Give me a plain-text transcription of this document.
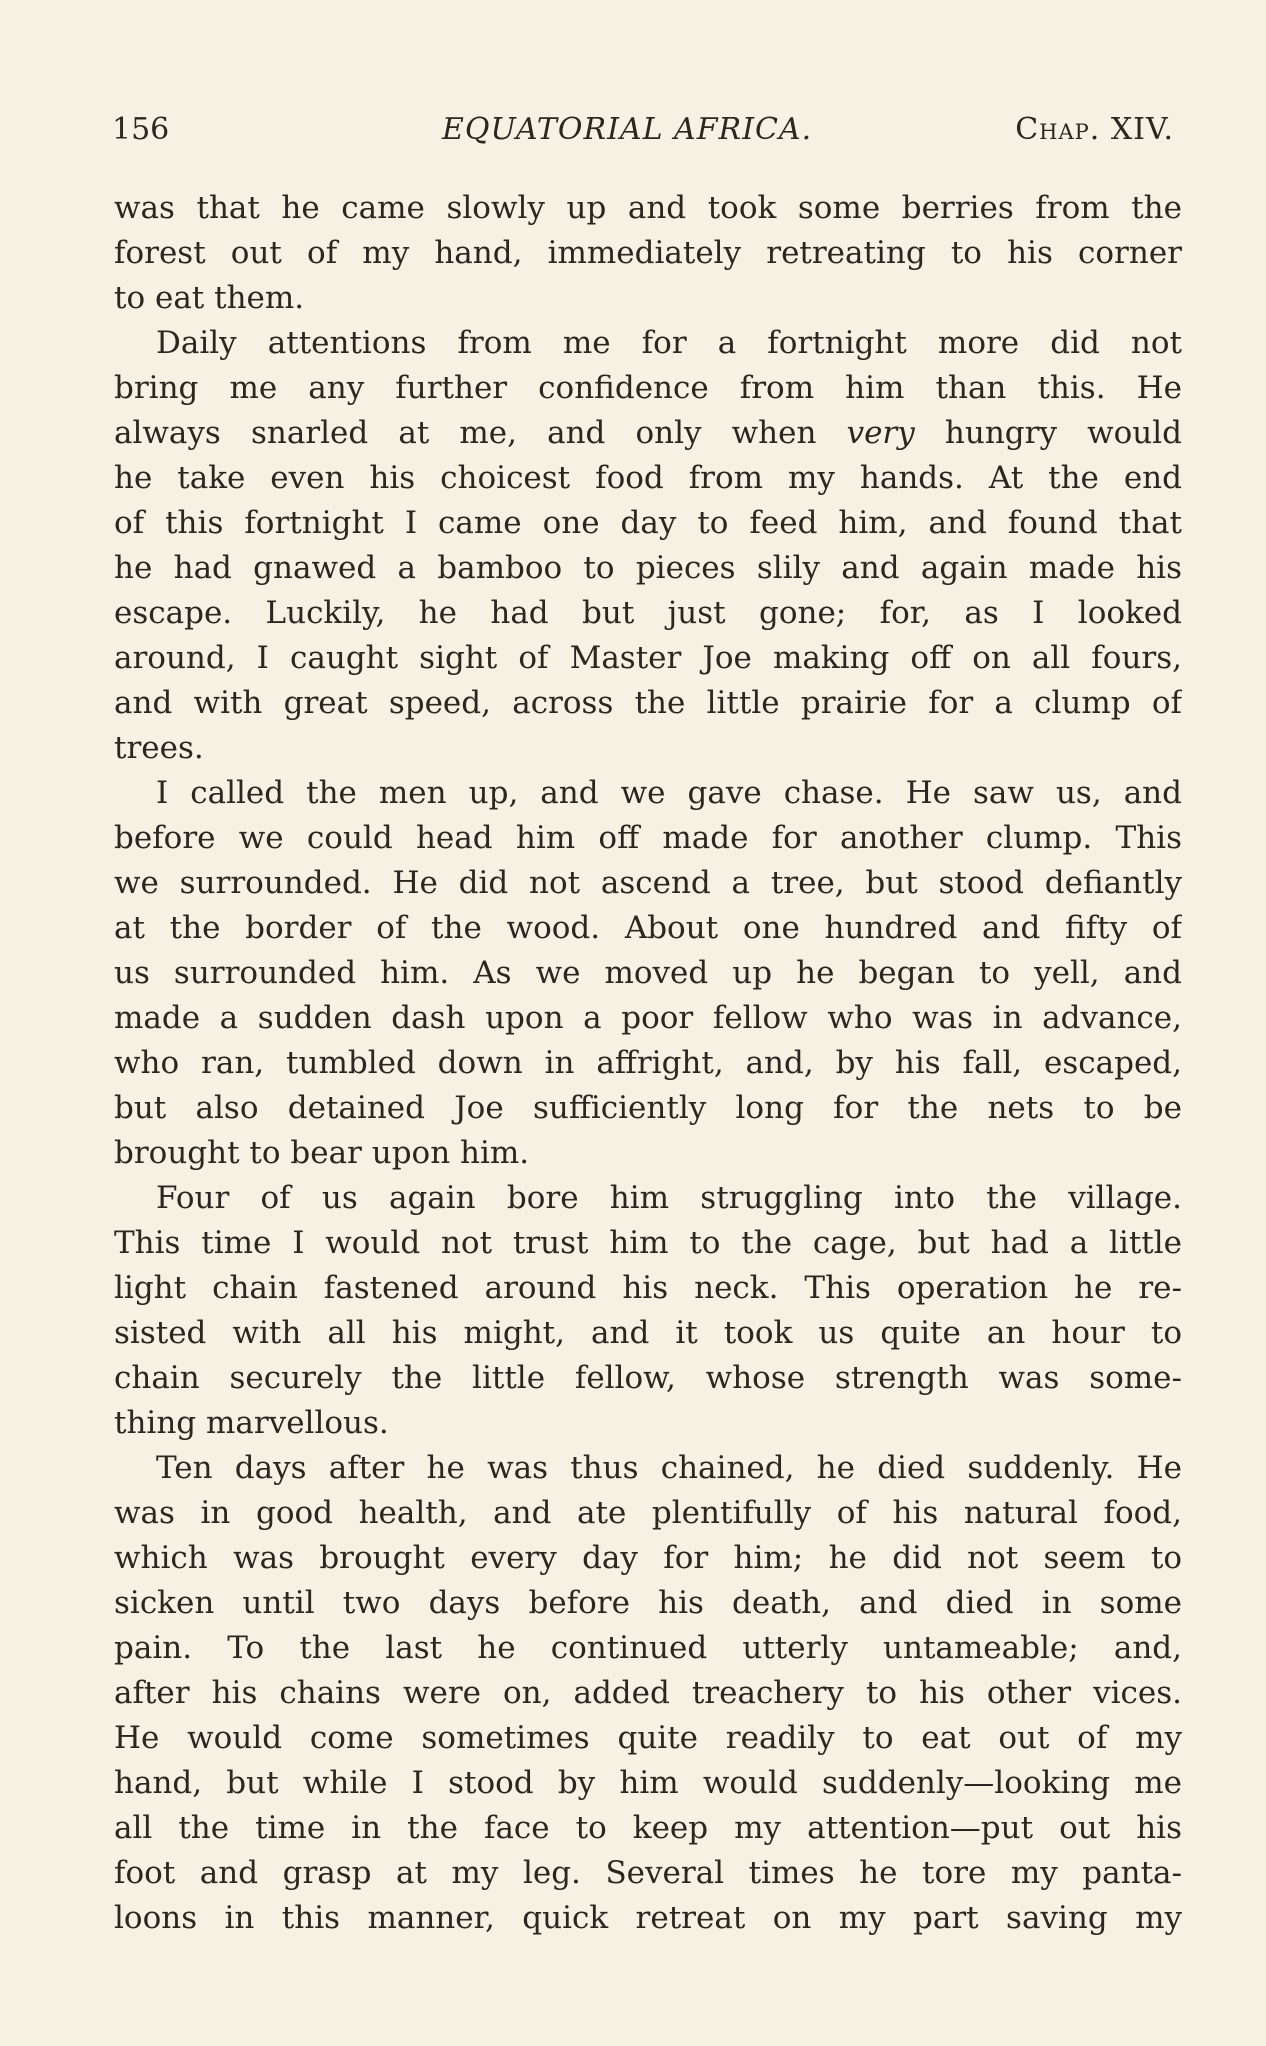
156	EQUATORIAL AFRICA.	Chap. XIV.
was that he came slowly up and took some berries from the
forest out of my hand, immediately retreating to his corner
to eat them.
Daily attentions from me for a fortnight more did not
bring me any further confidence from him than this. He
always snarled at me, and only when very hungry would
he take even his choicest food from my hands. At the end
of this fortnight I came one day to feed him, and found that
he had gnawed a bamboo to pieces slily and again made his
escape. Luckily, he had but just gone; for, as I looked
around, I caught sight of Master Joe making off on all fours,
and with great speed, across the little prairie for a clump of
trees.
I called the men up, and we gave chase. He saw us, and
before we could head him off made for another clump. This
we surrounded. He did not ascend a tree, but stood defiantly
at the border of the wood. About one hundred and fifty of
us surrounded him. As we moved up he began to yell, and
made a sudden dash upon a poor fellow who was in advance,
who ran, tumbled down in affright, and, by his fall, escaped,
but also detained Joe sufficiently long for the nets to be
brought to bear upon him.
Four of us again bore him struggling into the village.
This time I would not trust him to the cage, but had a little
light chain fastened around his neck. This operation he re-
sisted with all his might, and it took us quite an hour to
chain securely the little fellow, whose strength was some-
thing marvellous.
Ten days after he was thus chained, he died suddenly. He
was in good health, and ate plentifully of his natural food,
which was brought every day for him; he did not seem to
sicken until two days before his death, and died in some
pain. To the last he continued utterly untameable; and,
after his chains were on, added treachery to his other vices.
He would come sometimes quite readily to eat out of my
hand, but while I stood by him would suddenly—looking me
all the time in the face to keep my attention—put out his
foot and grasp at my leg. Several times he tore my panta-
loons in this manner, quick retreat on my part saving my
